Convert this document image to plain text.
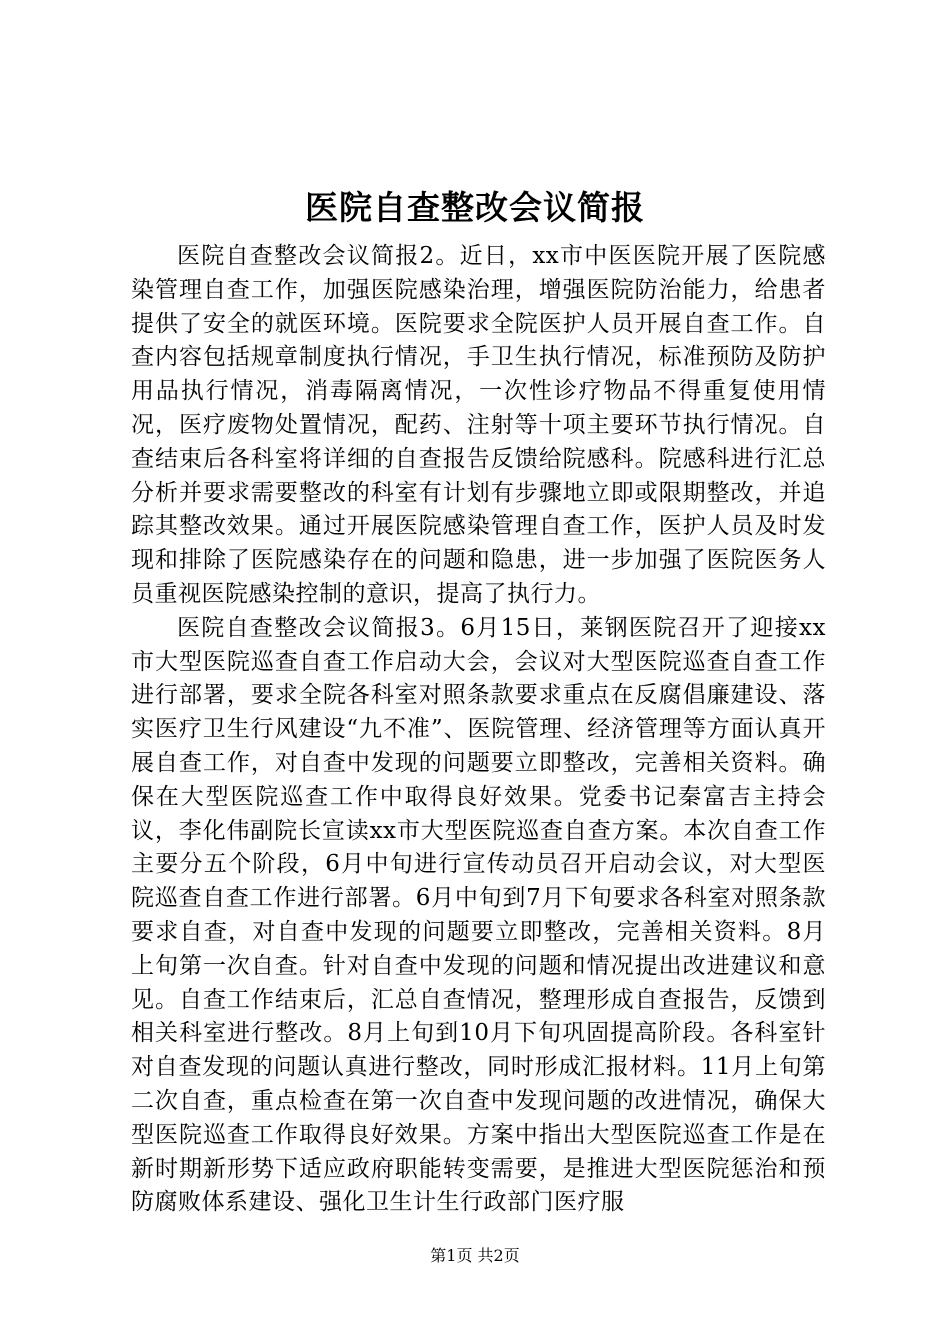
医院自查整改会议简报

医院自查整改会议简报2。近日，xx市中医医院开展了医院感染管理自查工作，加强医院感染治理，增强医院防治能力，给患者提供了安全的就医环境。医院要求全院医护人员开展自查工作。自查内容包括规章制度执行情况，手卫生执行情况，标准预防及防护用品执行情况，消毒隔离情况，一次性诊疗物品不得重复使用情况，医疗废物处置情况，配药、注射等十项主要环节执行情况。自查结束后各科室将详细的自查报告反馈给院感科。院感科进行汇总分析并要求需要整改的科室有计划有步骤地立即或限期整改，并追踪其整改效果。通过开展医院感染管理自查工作，医护人员及时发现和排除了医院感染存在的问题和隐患，进一步加强了医院医务人员重视医院感染控制的意识，提高了执行力。

医院自查整改会议简报3。6月15日，莱钢医院召开了迎接xx市大型医院巡查自查工作启动大会，会议对大型医院巡查自查工作进行部署，要求全院各科室对照条款要求重点在反腐倡廉建设、落实医疗卫生行风建设“九不准”、医院管理、经济管理等方面认真开展自查工作，对自查中发现的问题要立即整改，完善相关资料。确保在大型医院巡查工作中取得良好效果。党委书记秦富吉主持会议，李化伟副院长宣读xx市大型医院巡查自查方案。本次自查工作主要分五个阶段，6月中旬进行宣传动员召开启动会议，对大型医院巡查自查工作进行部署。6月中旬到7月下旬要求各科室对照条款要求自查，对自查中发现的问题要立即整改，完善相关资料。8月上旬第一次自查。针对自查中发现的问题和情况提出改进建议和意见。自查工作结束后，汇总自查情况，整理形成自查报告，反馈到相关科室进行整改。8月上旬到10月下旬巩固提高阶段。各科室针对自查发现的问题认真进行整改，同时形成汇报材料。11月上旬第二次自查，重点检查在第一次自查中发现问题的改进情况，确保大型医院巡查工作取得良好效果。方案中指出大型医院巡查工作是在新时期新形势下适应政府职能转变需要，是推进大型医院惩治和预防腐败体系建设、强化卫生计生行政部门医疗服

第1页 共2页
